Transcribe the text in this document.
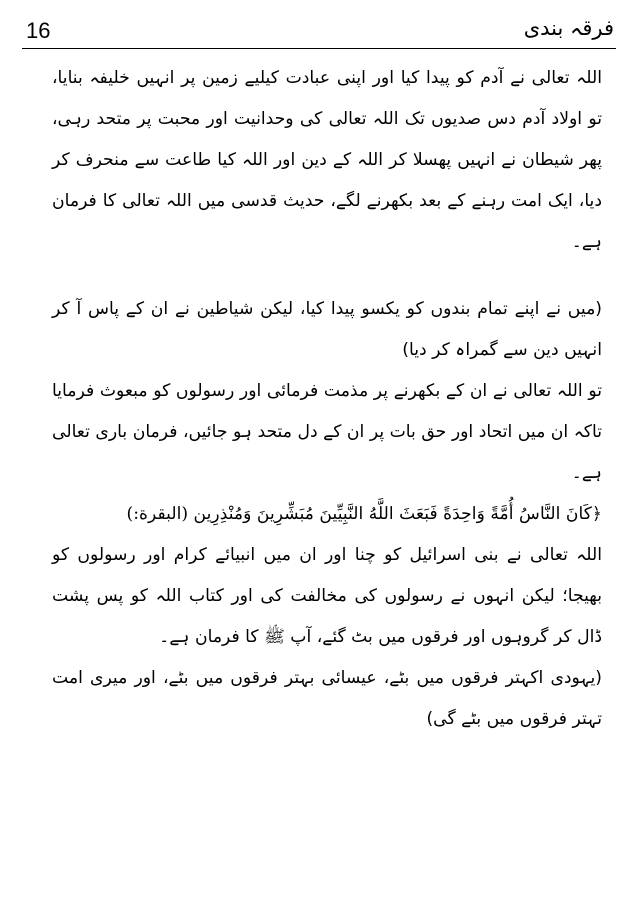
16	فرقہ بندی

اللہ تعالی نے آدم کو پیدا کیا اور اپنی عبادت کیلیے زمین پر انہیں خلیفہ بنایا، تو اولاد آدم دس صدیوں تک اللہ تعالی کی وحدانیت اور محبت پر متحد رہی، پھر شیطان نے انہیں پھسلا کر اللہ کے دین اور اللہ کیا طاعت سے منحرف کر دیا، ایک امت رہنے کے بعد بکھرنے لگے، حدیث قدسی میں اللہ تعالی کا فرمان ہے۔

(میں نے اپنے تمام بندوں کو یکسو پیدا کیا، لیکن شیاطین نے ان کے پاس آ کر انہیں دین سے گمراہ کر دیا)

تو اللہ تعالی نے ان کے بکھرنے پر مذمت فرمائی اور رسولوں کو مبعوث فرمایا تاکہ ان میں اتحاد اور حق بات پر ان کے دل متحد ہو جائیں، فرمان باری تعالی ہے۔

﴿كَانَ النَّاسُ أُمَّةً وَاحِدَةً فَبَعَثَ اللَّهُ النَّبِيِّينَ مُبَشِّرِينَ وَمُنْذِرِين (البقرة:)

اللہ تعالی نے بنی اسرائیل کو چنا اور ان میں انبیائے کرام اور رسولوں کو بھیجا؛ لیکن انہوں نے رسولوں کی مخالفت کی اور کتاب اللہ کو پس پشت ڈال کر گروہوں اور فرقوں میں بٹ گئے، آپ ﷺ کا فرمان ہے۔

(یہودی اکہتر فرقوں میں بٹے، عیسائی بہتر فرقوں میں بٹے، اور میری امت تہتر فرقوں میں بٹے گی)
